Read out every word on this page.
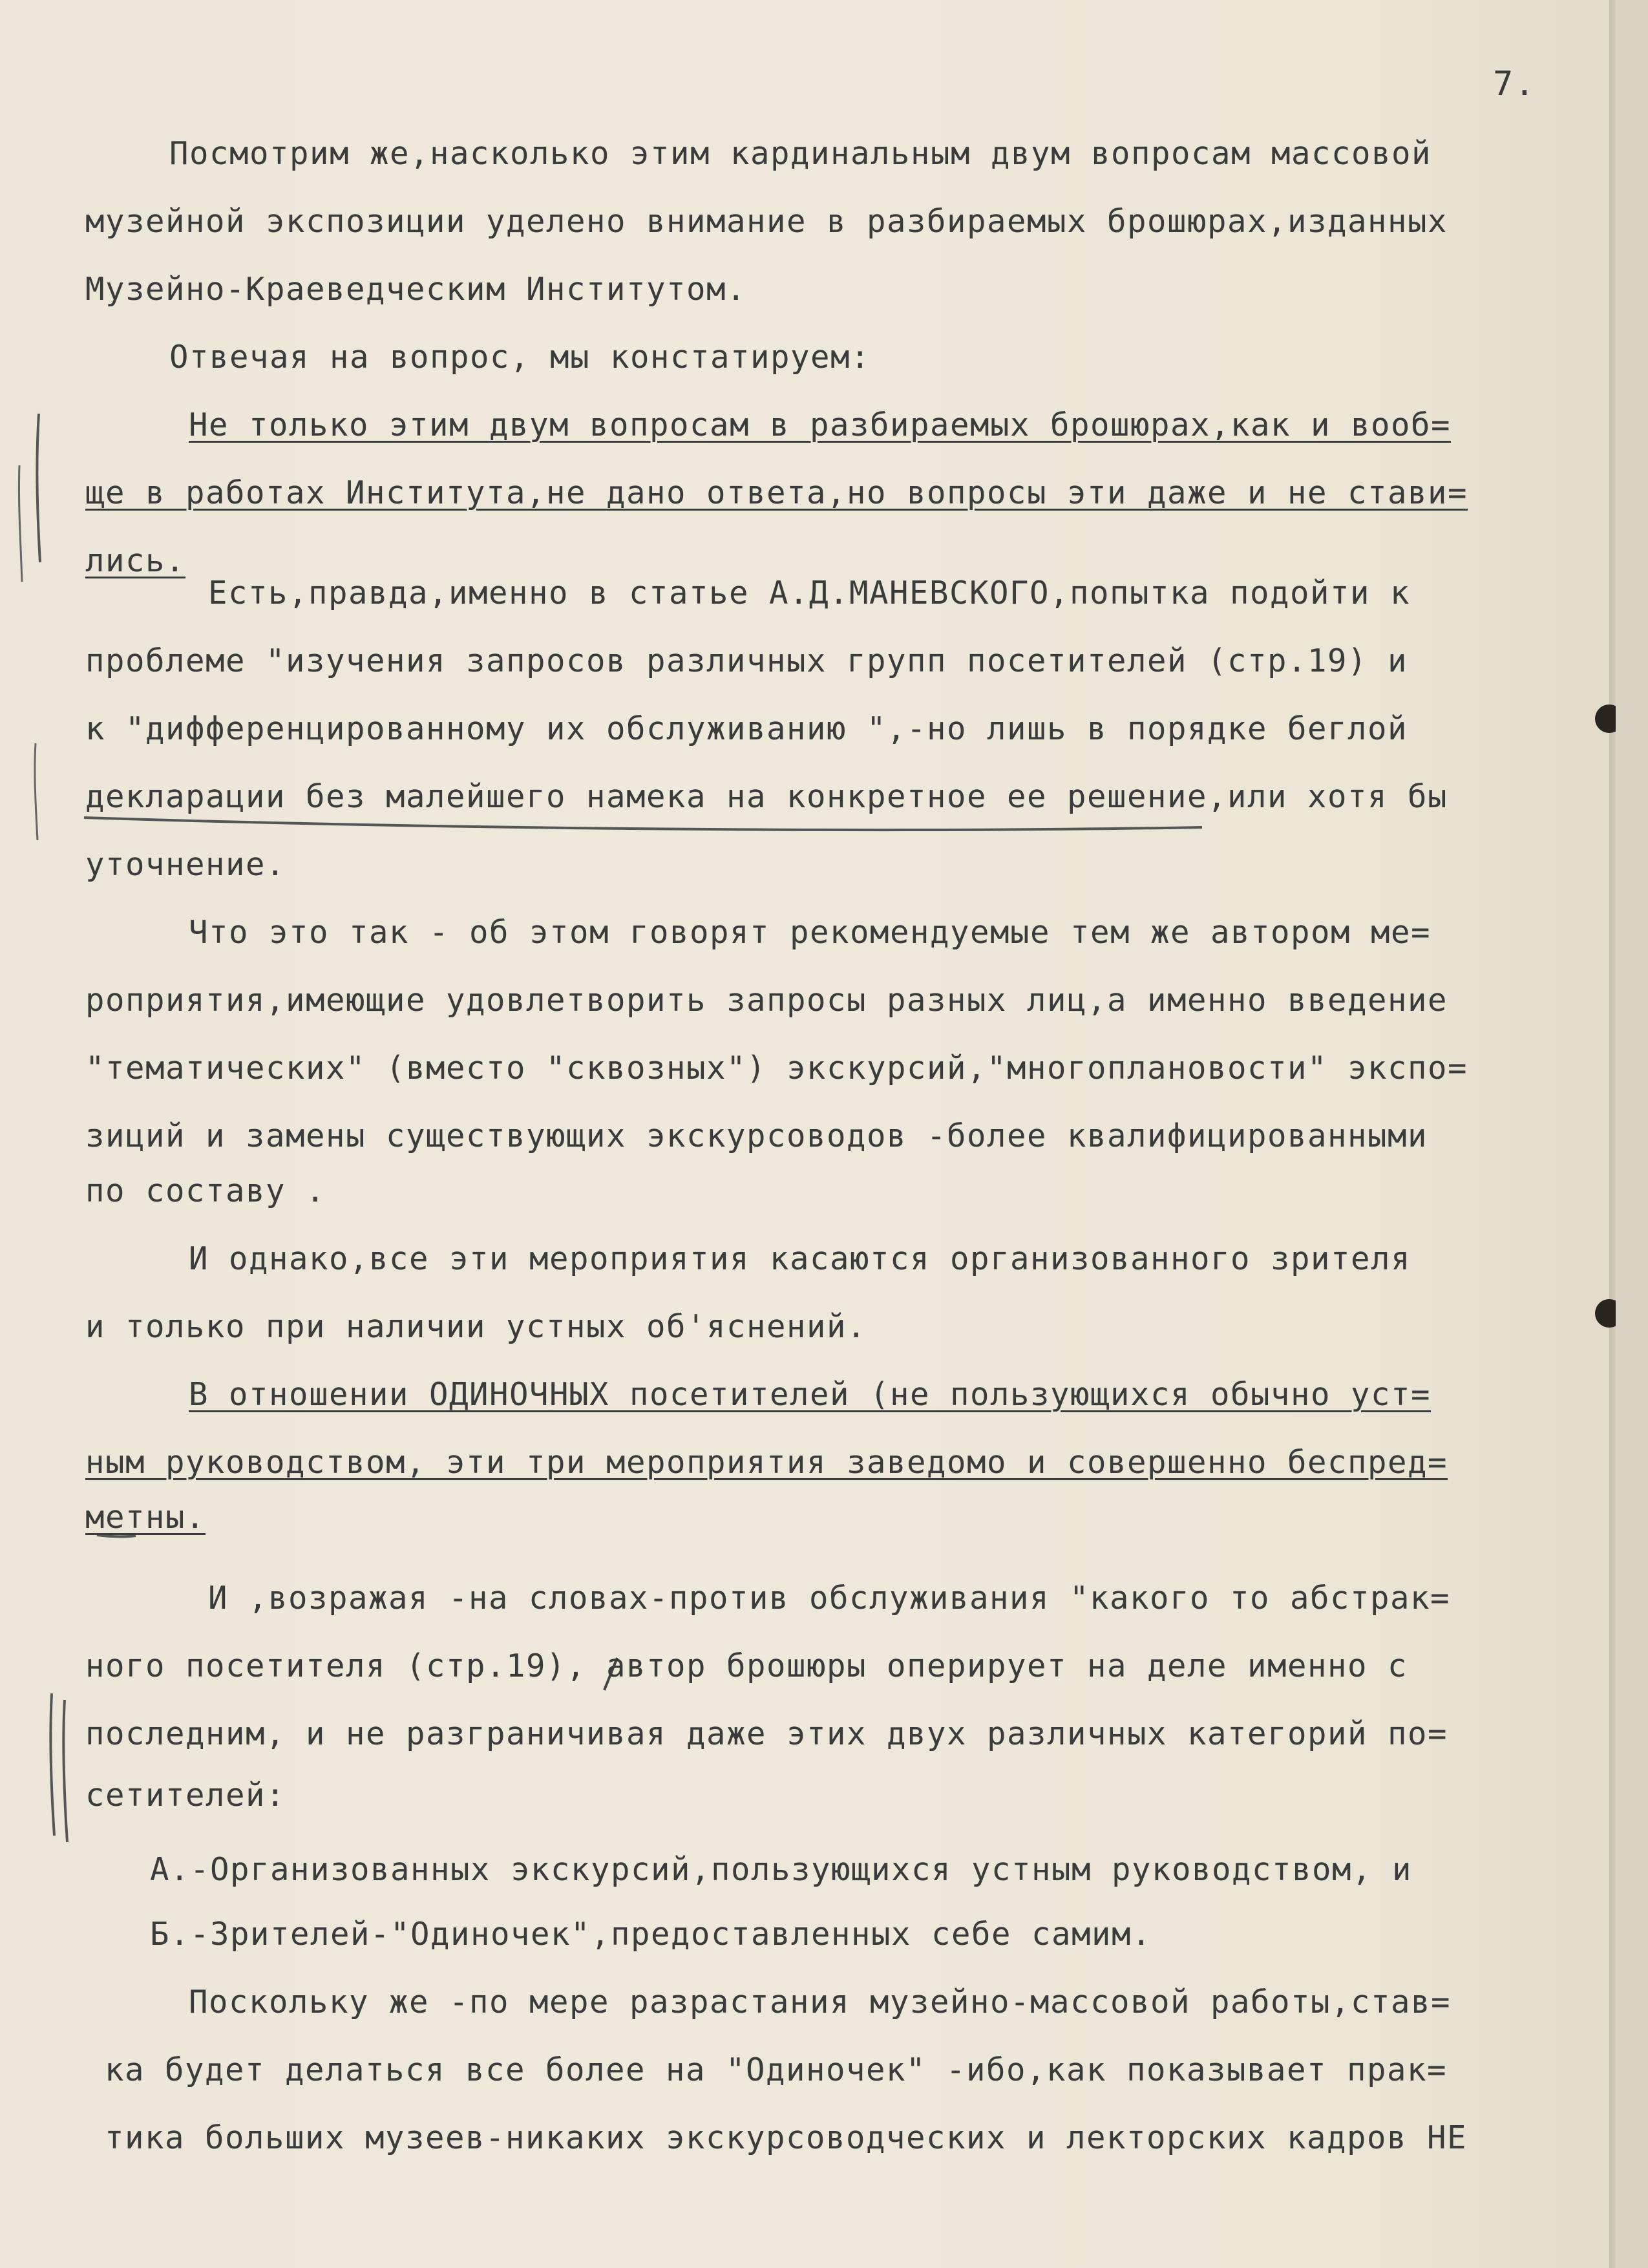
7.
Посмотрим же,насколько этим кардинальным двум вопросам массовой
музейной экспозиции уделено внимание в разбираемых брошюрах,изданных
Музейно-Краеведческим Институтом.
Отвечая на вопрос, мы констатируем:
Не только этим двум вопросам в разбираемых брошюрах,как и вооб=
ще в работах Института,не дано ответа,но вопросы эти даже и не стави=
лись.
Есть,правда,именно в статье А.Д.МАНЕВСКОГО,попытка подойти к
проблеме "изучения запросов различных групп посетителей (стр.19) и
к "дифференцированному их обслуживанию ",-но лишь в порядке беглой
декларации без малейшего намека на конкретное ее решение,или хотя бы
уточнение.
Что это так - об этом говорят рекомендуемые тем же автором ме=
роприятия,имеющие удовлетворить запросы разных лиц,а именно введение
"тематических" (вместо "сквозных") экскурсий,"многоплановости" экспо=
зиций и замены существующих экскурсоводов -более квалифицированными
по составу .
И однако,все эти мероприятия касаются организованного зрителя
и только при наличии устных об'яснений.
В отношении ОДИНОЧНЫХ посетителей (не пользующихся обычно уст=
ным руководством, эти три мероприятия заведомо и совершенно беспред=
метны.
И ,возражая -на словах-против обслуживания "какого то абстрак=
ного посетителя (стр.19), автор брошюры оперирует на деле именно с
последним, и не разграничивая даже этих двух различных категорий по=
сетителей:
А.-Организованных экскурсий,пользующихся устным руководством, и
Б.-Зрителей-"Одиночек",предоставленных себе самим.
Поскольку же -по мере разрастания музейно-массовой работы,став=
ка будет делаться все более на "Одиночек" -ибо,как показывает прак=
тика больших музеев-никаких экскурсоводческих и лекторских кадров НЕ
